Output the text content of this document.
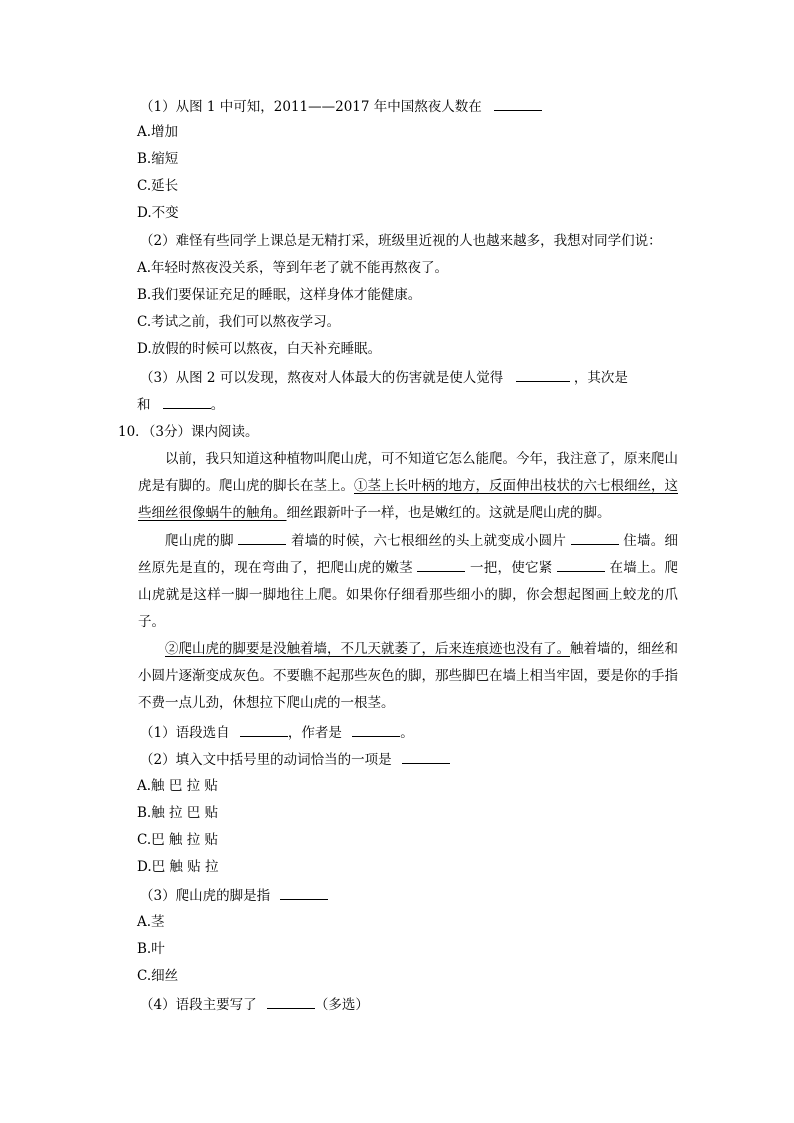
（1）从图 1 中可知，2011——2017 年中国熬夜人数在
A.增加
B.缩短
C.延长
D.不变
（2）难怪有些同学上课总是无精打采，班级里近视的人也越来越多，我想对同学们说：
A.年轻时熬夜没关系，等到年老了就不能再熬夜了。
B.我们要保证充足的睡眠，这样身体才能健康。
C.考试之前，我们可以熬夜学习。
D.放假的时候可以熬夜，白天补充睡眠。
（3）从图 2 可以发现，熬夜对人体最大的伤害就是使人觉得	，其次是
和	。
10．（3分）课内阅读。
以前，我只知道这种植物叫爬山虎，可不知道它怎么能爬。今年，我注意了，原来爬山虎是有脚的。爬山虎的脚长在茎上。①茎上长叶柄的地方，反面伸出枝状的六七根细丝，这些细丝很像蜗牛的触角。细丝跟新叶子一样，也是嫩红的。这就是爬山虎的脚。
爬山虎的脚	着墙的时候，六七根细丝的头上就变成小圆片	住墙。细丝原先是直的，现在弯曲了，把爬山虎的嫩茎	一把，使它紧	在墙上。爬山虎就是这样一脚一脚地往上爬。如果你仔细看那些细小的脚，你会想起图画上蛟龙的爪子。
②爬山虎的脚要是没触着墙，不几天就萎了，后来连痕迹也没有了。触着墙的，细丝和小圆片逐渐变成灰色。不要瞧不起那些灰色的脚，那些脚巴在墙上相当牢固，要是你的手指不费一点儿劲，休想拉下爬山虎的一根茎。
（1）语段选自	，作者是	。
（2）填入文中括号里的动词恰当的一项是
A.触 巴 拉 贴
B.触 拉 巴 贴
C.巴 触 拉 贴
D.巴 触 贴 拉
（3）爬山虎的脚是指
A.茎
B.叶
C.细丝
（4）语段主要写了	（多选）
